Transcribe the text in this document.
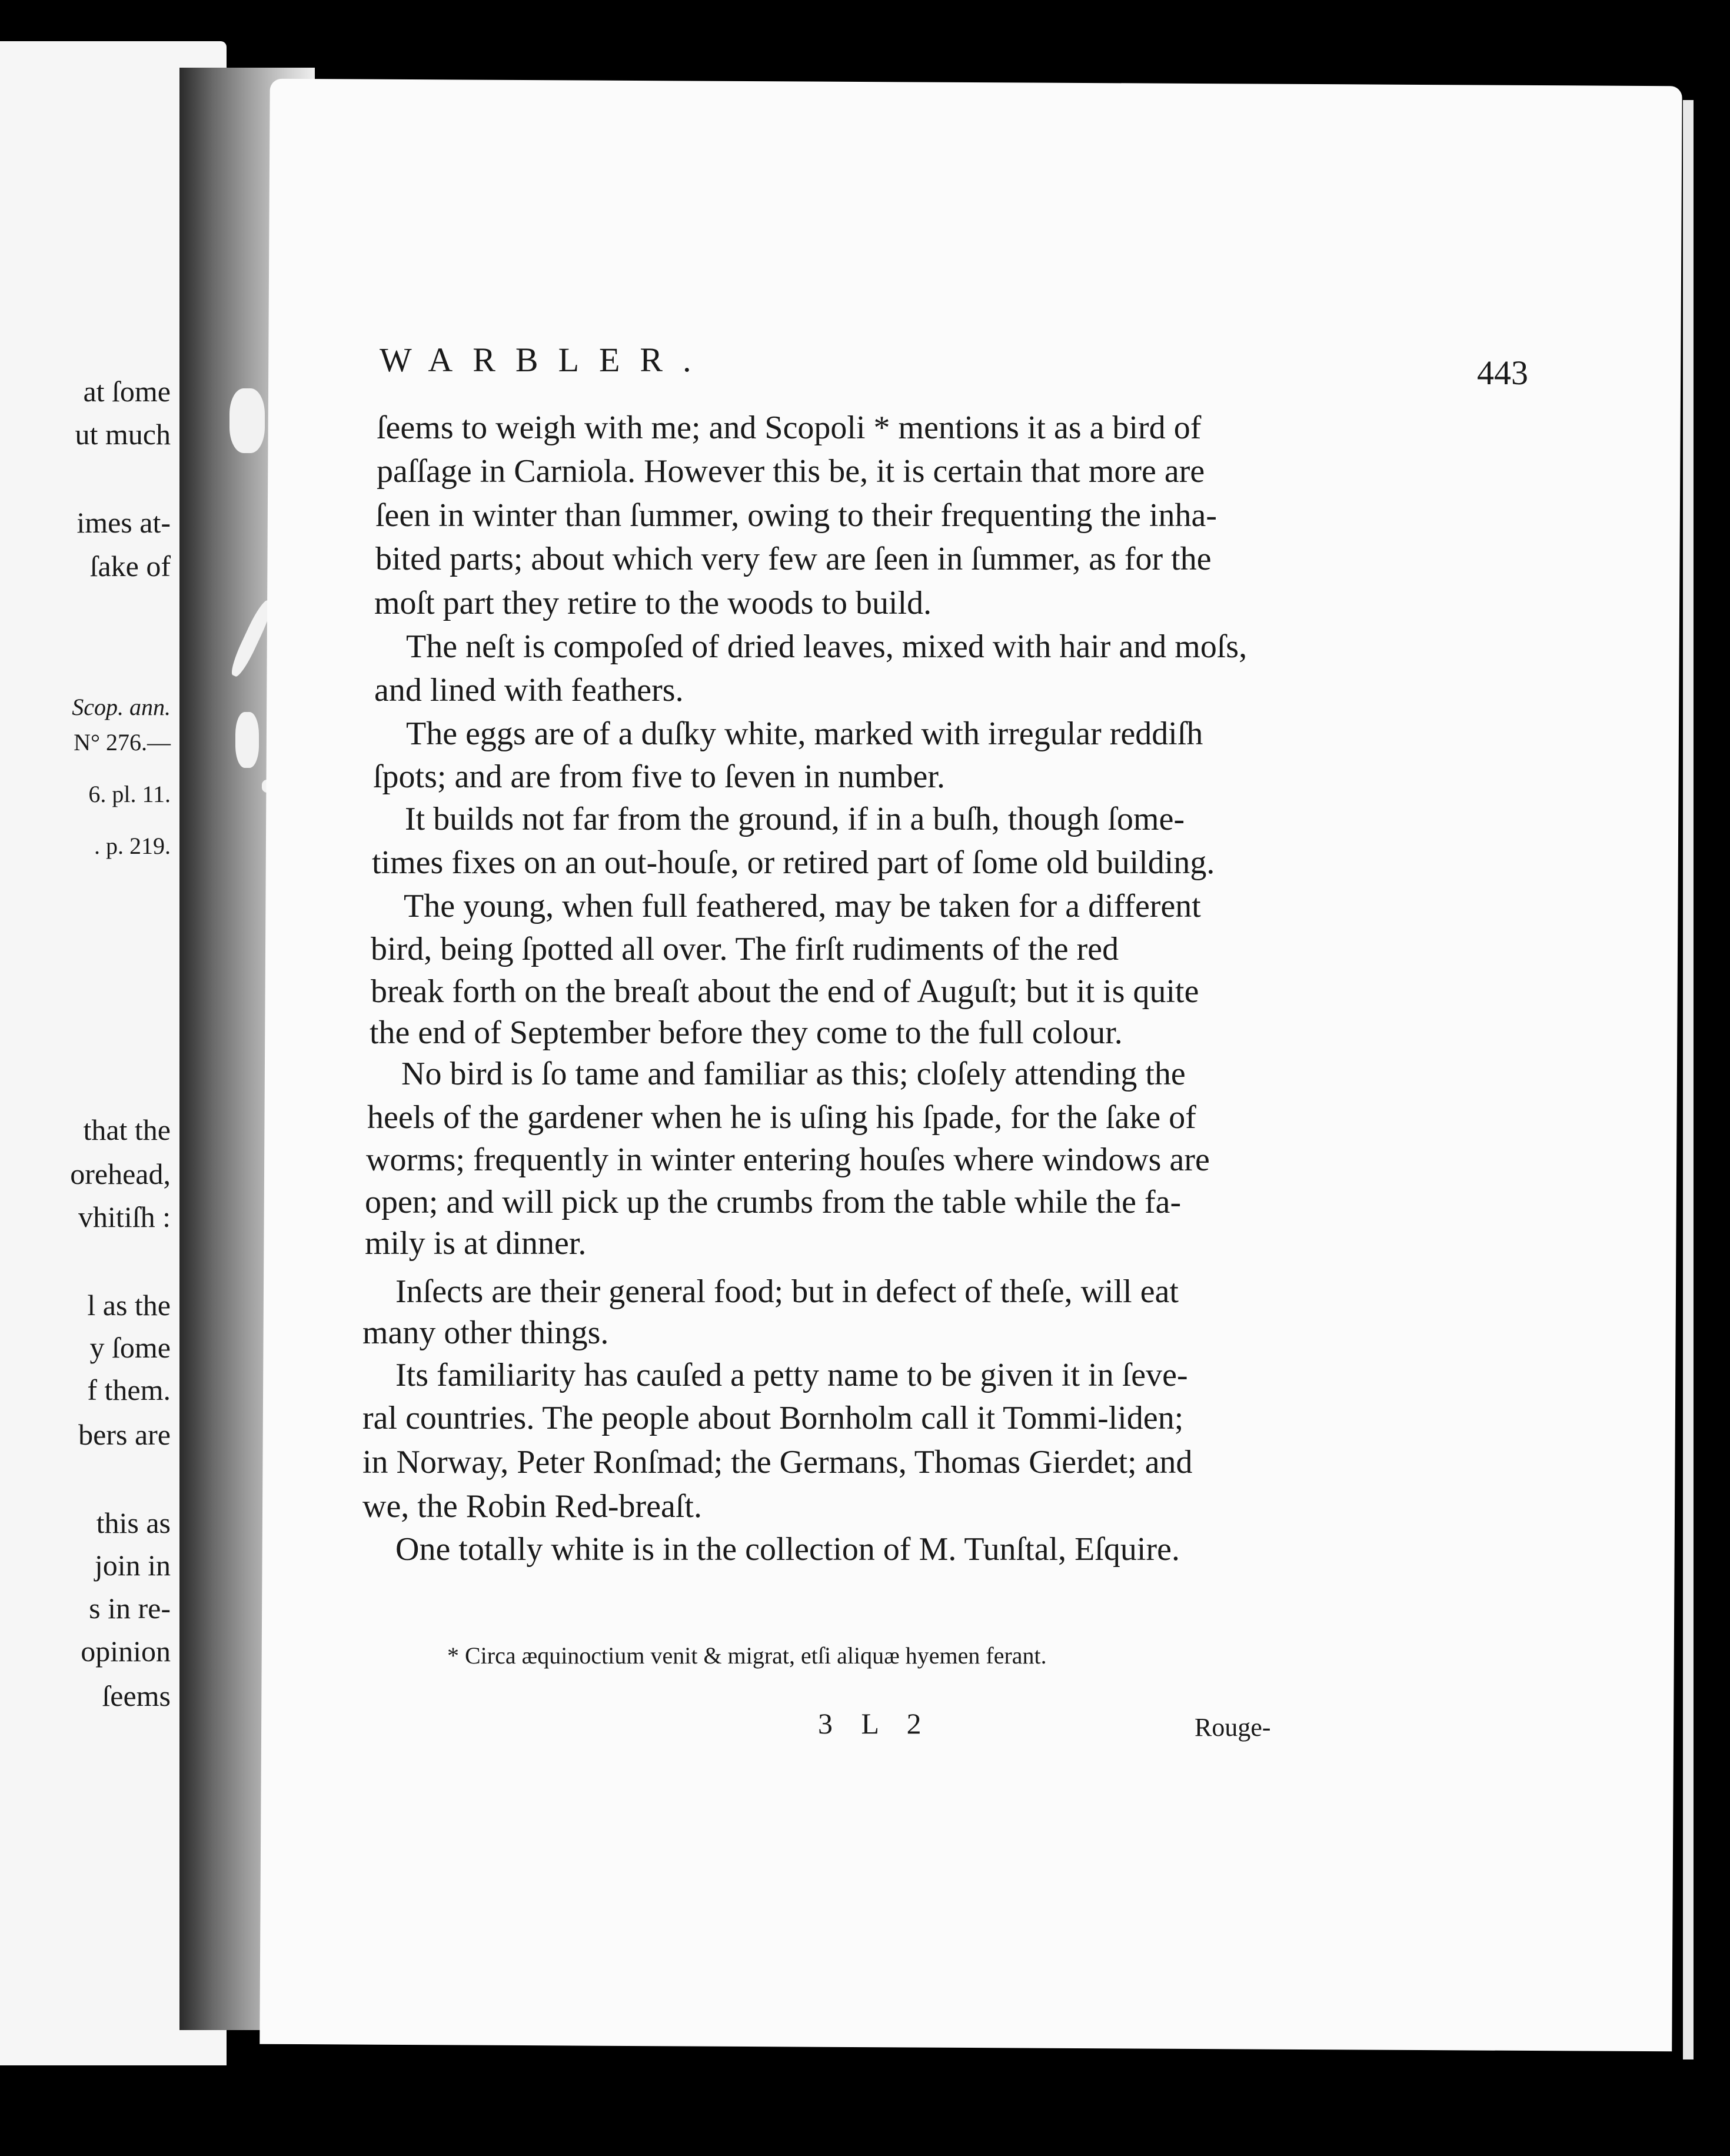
at ſome
ut much
imes at-
ſake of
Scop. ann.
N° 276.—
6. pl. 11.
. p. 219.
that the
orehead,
vhitiſh :
l as the
y ſome
f them.
bers are
this as
join in
s in re-
opinion
ſeems
WARBLER.	443
ſeems to weigh with me; and Scopoli * mentions it as a bird of
paſſage in Carniola. However this be, it is certain that more are
ſeen in winter than ſummer, owing to their frequenting the inha-
bited parts; about which very few are ſeen in ſummer, as for the
moſt part they retire to the woods to build.
The neſt is compoſed of dried leaves, mixed with hair and moſs,
and lined with feathers.
The eggs are of a duſky white, marked with irregular reddiſh
ſpots; and are from five to ſeven in number.
It builds not far from the ground, if in a buſh, though ſome-
times fixes on an out-houſe, or retired part of ſome old building.
The young, when full feathered, may be taken for a different
bird, being ſpotted all over. The firſt rudiments of the red
break forth on the breaſt about the end of Auguſt; but it is quite
the end of September before they come to the full colour.
No bird is ſo tame and familiar as this; cloſely attending the
heels of the gardener when he is uſing his ſpade, for the ſake of
worms; frequently in winter entering houſes where windows are
open; and will pick up the crumbs from the table while the fa-
mily is at dinner.
Inſects are their general food; but in defect of theſe, will eat
many other things.
Its familiarity has cauſed a petty name to be given it in ſeve-
ral countries. The people about Bornholm call it Tommi-liden;
in Norway, Peter Ronſmad; the Germans, Thomas Gierdet; and
we, the Robin Red-breaſt.
One totally white is in the collection of M. Tunſtal, Eſquire.
* Circa æquinoctium venit & migrat, etſi aliquæ hyemen ferant.
3 L 2	Rouge-
